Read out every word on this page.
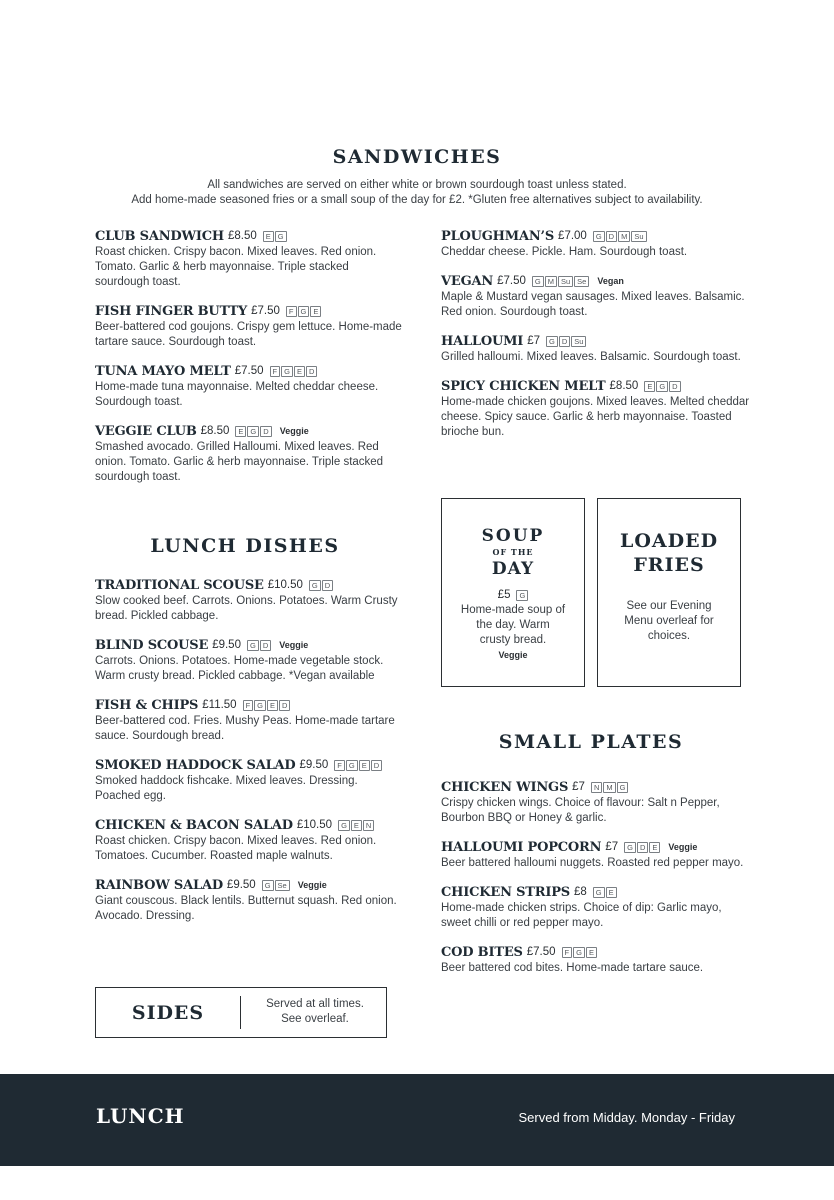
SANDWICHES
All sandwiches are served on either white or brown sourdough toast unless stated.
Add home-made seasoned fries or a small soup of the day for £2. *Gluten free alternatives subject to availability.
CLUB SANDWICH £8.50	E G
Roast chicken. Crispy bacon. Mixed leaves. Red onion. Tomato. Garlic & herb mayonnaise. Triple stacked sourdough toast.
FISH FINGER BUTTY £7.50	F G E
Beer-battered cod goujons. Crispy gem lettuce. Home-made tartare sauce. Sourdough toast.
TUNA MAYO MELT £7.50	F G E D
Home-made tuna mayonnaise. Melted cheddar cheese. Sourdough toast.
VEGGIE CLUB £8.50	E G D	Veggie
Smashed avocado. Grilled Halloumi. Mixed leaves. Red onion. Tomato. Garlic & herb mayonnaise. Triple stacked sourdough toast.
PLOUGHMAN’S £7.00	G D M Su
Cheddar cheese. Pickle. Ham. Sourdough toast.
VEGAN £7.50	G M Su Se	Vegan
Maple & Mustard vegan sausages. Mixed leaves. Balsamic. Red onion. Sourdough toast.
HALLOUMI £7	G D Su
Grilled halloumi. Mixed leaves. Balsamic. Sourdough toast.
SPICY CHICKEN MELT £8.50	E G D
Home-made chicken goujons. Mixed leaves. Melted cheddar cheese. Spicy sauce. Garlic & herb mayonnaise. Toasted brioche bun.
LUNCH DISHES
TRADITIONAL SCOUSE £10.50	G D
Slow cooked beef. Carrots. Onions. Potatoes. Warm Crusty bread. Pickled cabbage.
BLIND SCOUSE £9.50	G D	Veggie
Carrots. Onions. Potatoes. Home-made vegetable stock. Warm crusty bread. Pickled cabbage. *Vegan available
FISH & CHIPS £11.50	F G E D
Beer-battered cod. Fries. Mushy Peas. Home-made tartare sauce. Sourdough bread.
SMOKED HADDOCK SALAD £9.50	F G E D
Smoked haddock fishcake. Mixed leaves. Dressing. Poached egg.
CHICKEN & BACON SALAD £10.50	G E N
Roast chicken. Crispy bacon. Mixed leaves. Red onion. Tomatoes. Cucumber. Roasted maple walnuts.
RAINBOW SALAD £9.50	G Se	Veggie
Giant couscous. Black lentils. Butternut squash. Red onion. Avocado. Dressing.
SIDES	Served at all times.
See overleaf.
SOUP
OF THE
DAY
£5	G
Home-made soup of the day. Warm crusty bread.
Veggie
LOADED
FRIES
See our Evening Menu overleaf for choices.
SMALL PLATES
CHICKEN WINGS £7	N M G
Crispy chicken wings. Choice of flavour: Salt n Pepper, Bourbon BBQ or Honey & garlic.
HALLOUMI POPCORN £7	G D E	Veggie
Beer battered halloumi nuggets. Roasted red pepper mayo.
CHICKEN STRIPS £8	G E
Home-made chicken strips. Choice of dip: Garlic mayo, sweet chilli or red pepper mayo.
COD BITES £7.50	F G E
Beer battered cod bites. Home-made tartare sauce.
LUNCH	Served from Midday. Monday - Friday
